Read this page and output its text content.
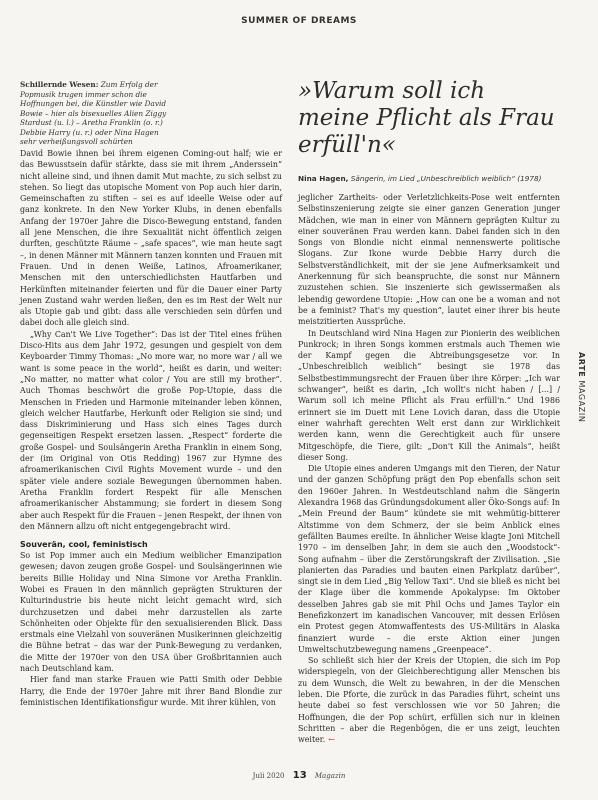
SUMMER OF DREAMS
Schillernde Wesen: Zum Erfolg der Popmusik trugen immer schon die Hoffnungen bei, die Künstler wie David Bowie – hier als bisexuelles Alien Ziggy Stardust (u. l.) – Aretha Franklin (o. r.) Debbie Harry (u. r.) oder Nina Hagen sehr verheißungsvoll schürten
»Warum soll ich meine Pflicht als Frau erfüll'n«
Nina Hagen, Sängerin, im Lied „Unbeschreiblich weiblich“ (1978)

David Bowie ihnen bei ihrem eigenen Coming-out half; wie er das Bewusstsein dafür stärkte, dass sie mit ihrem „Anderssein“ nicht alleine sind, und ihnen damit Mut machte, zu sich selbst zu stehen. So liegt das utopische Moment von Pop auch hier darin, Gemeinschaften zu stiften – sei es auf ideelle Weise oder auf ganz konkrete. In den New Yorker Klubs, in denen ebenfalls Anfang der 1970er Jahre die Disco-Bewegung entstand, fanden all jene Menschen, die ihre Sexualität nicht öffentlich zeigen durften, geschützte Räume – „safe spaces“, wie man heute sagt –, in denen Männer mit Männern tanzen konnten und Frauen mit Frauen. Und in denen Weiße, Latinos, Afroamerikaner, Menschen mit den unterschiedlichsten Hautfarben und Herkünften miteinander feierten und für die Dauer einer Party jenen Zustand wahr werden ließen, den es im Rest der Welt nur als Utopie gab und gibt: dass alle verschieden sein dürfen und dabei doch alle gleich sind.

„Why Can't We Live Together“: Das ist der Titel eines frühen Disco-Hits aus dem Jahr 1972, gesungen und gespielt von dem Keyboarder Timmy Thomas: „No more war, no more war / all we want is some peace in the world“, heißt es darin, und weiter: „No matter, no matter what color / You are still my brother“. Auch Thomas beschwört die große Pop-Utopie, dass die Menschen in Frieden und Harmonie miteinander leben können, gleich welcher Hautfarbe, Herkunft oder Religion sie sind; und dass Diskriminierung und Hass sich eines Tages durch gegenseitigen Respekt ersetzen lassen. „Respect“ forderte die große Gospel- und Soulsängerin Aretha Franklin in einem Song, der (im Original von Otis Redding) 1967 zur Hymne des afroamerikanischen Civil Rights Movement wurde – und den später viele andere soziale Bewegungen übernommen haben. Aretha Franklin fordert Respekt für alle Menschen afroamerikanischer Abstammung; sie fordert in diesem Song aber auch Respekt für die Frauen – jenen Respekt, der ihnen von den Männern allzu oft nicht entgegengebracht wird.

Souverän, cool, feministisch

So ist Pop immer auch ein Medium weiblicher Emanzipation gewesen; davon zeugen große Gospel- und Soulsängerinnen wie bereits Billie Holiday und Nina Simone vor Aretha Franklin. Wobei es Frauen in den männlich geprägten Strukturen der Kulturindustrie bis heute nicht leicht gemacht wird, sich durchzusetzen und dabei mehr darzustellen als zarte Schönheiten oder Objekte für den sexualisierenden Blick. Dass erstmals eine Vielzahl von souveränen Musikerinnen gleichzeitig die Bühne betrat – das war der Punk-Bewegung zu verdanken, die Mitte der 1970er von den USA über Großbritannien auch nach Deutschland kam.

Hier fand man starke Frauen wie Patti Smith oder Debbie Harry, die Ende der 1970er Jahre mit ihrer Band Blondie zur feministischen Identifikationsfigur wurde. Mit ihrer kühlen, von

jeglicher Zartheits- oder Verletzlichkeits-Pose weit entfernten Selbstinszenierung zeigte sie einer ganzen Generation junger Mädchen, wie man in einer von Männern geprägten Kultur zu einer souveränen Frau werden kann. Dabei fanden sich in den Songs von Blondie nicht einmal nennenswerte politische Slogans. Zur Ikone wurde Debbie Harry durch die Selbstverständlichkeit, mit der sie jene Aufmerksamkeit und Anerkennung für sich beanspruchte, die sonst nur Männern zuzustehen schien. Sie inszenierte sich gewissermaßen als lebendig gewordene Utopie: „How can one be a woman and not be a feminist? That's my question“, lautet einer ihrer bis heute meistzitierten Aussprüche.

In Deutschland wird Nina Hagen zur Pionierin des weiblichen Punkrock; in ihren Songs kommen erstmals auch Themen wie der Kampf gegen die Abtreibungsgesetze vor. In „Unbeschreiblich weiblich“ besingt sie 1978 das Selbstbestimmungsrecht der Frauen über ihre Körper: „Ich war schwanger“, heißt es darin, „Ich wollt's nicht haben / [...] / Warum soll ich meine Pflicht als Frau erfüll'n.“ Und 1986 erinnert sie im Duett mit Lene Lovich daran, dass die Utopie einer wahrhaft gerechten Welt erst dann zur Wirklichkeit werden kann, wenn die Gerechtigkeit auch für unsere Mitgeschöpfe, die Tiere, gilt: „Don't Kill the Animals“, heißt dieser Song.

Die Utopie eines anderen Umgangs mit den Tieren, der Natur und der ganzen Schöpfung prägt den Pop ebenfalls schon seit den 1960er Jahren. In Westdeutschland nahm die Sängerin Alexandra 1968 das Gründungsdokument aller Öko-Songs auf: In „Mein Freund der Baum“ kündete sie mit wehmütig-bitterer Altstimme von dem Schmerz, der sie beim Anblick eines gefällten Baumes ereilte. In ähnlicher Weise klagte Joni Mitchell 1970 – im denselben Jahr, in dem sie auch den „Woodstock“-Song aufnahm – über die Zerstörungskraft der Zivilisation. „Sie planierten das Paradies und bauten einen Parkplatz darüber“, singt sie in dem Lied „Big Yellow Taxi“. Und sie bließ es nicht bei der Klage über die kommende Apokalypse: Im Oktober desselben Jahres gab sie mit Phil Ochs und James Taylor ein Benefizkonzert im kanadischen Vancouver, mit dessen Erlösen ein Protest gegen Atomwaffentests des US-Militärs in Alaska finanziert wurde – die erste Aktion einer jungen Umweltschutzbewegung namens „Greenpeace“.

So schließt sich hier der Kreis der Utopien, die sich im Pop widerspiegeln, von der Gleichberechtigung aller Menschen bis zu dem Wunsch, die Welt zu bewahren, in der die Menschen leben. Die Pforte, die zurück in das Paradies führt, scheint uns heute dabei so fest verschlossen wie vor 50 Jahren; die Hoffnungen, die der Pop schürt, erfüllen sich nur in kleinen Schritten – aber die Regenbögen, die er uns zeigt, leuchten weiter. ←

ARTE MAGAZIN
Juli 2020 13 Magazin
